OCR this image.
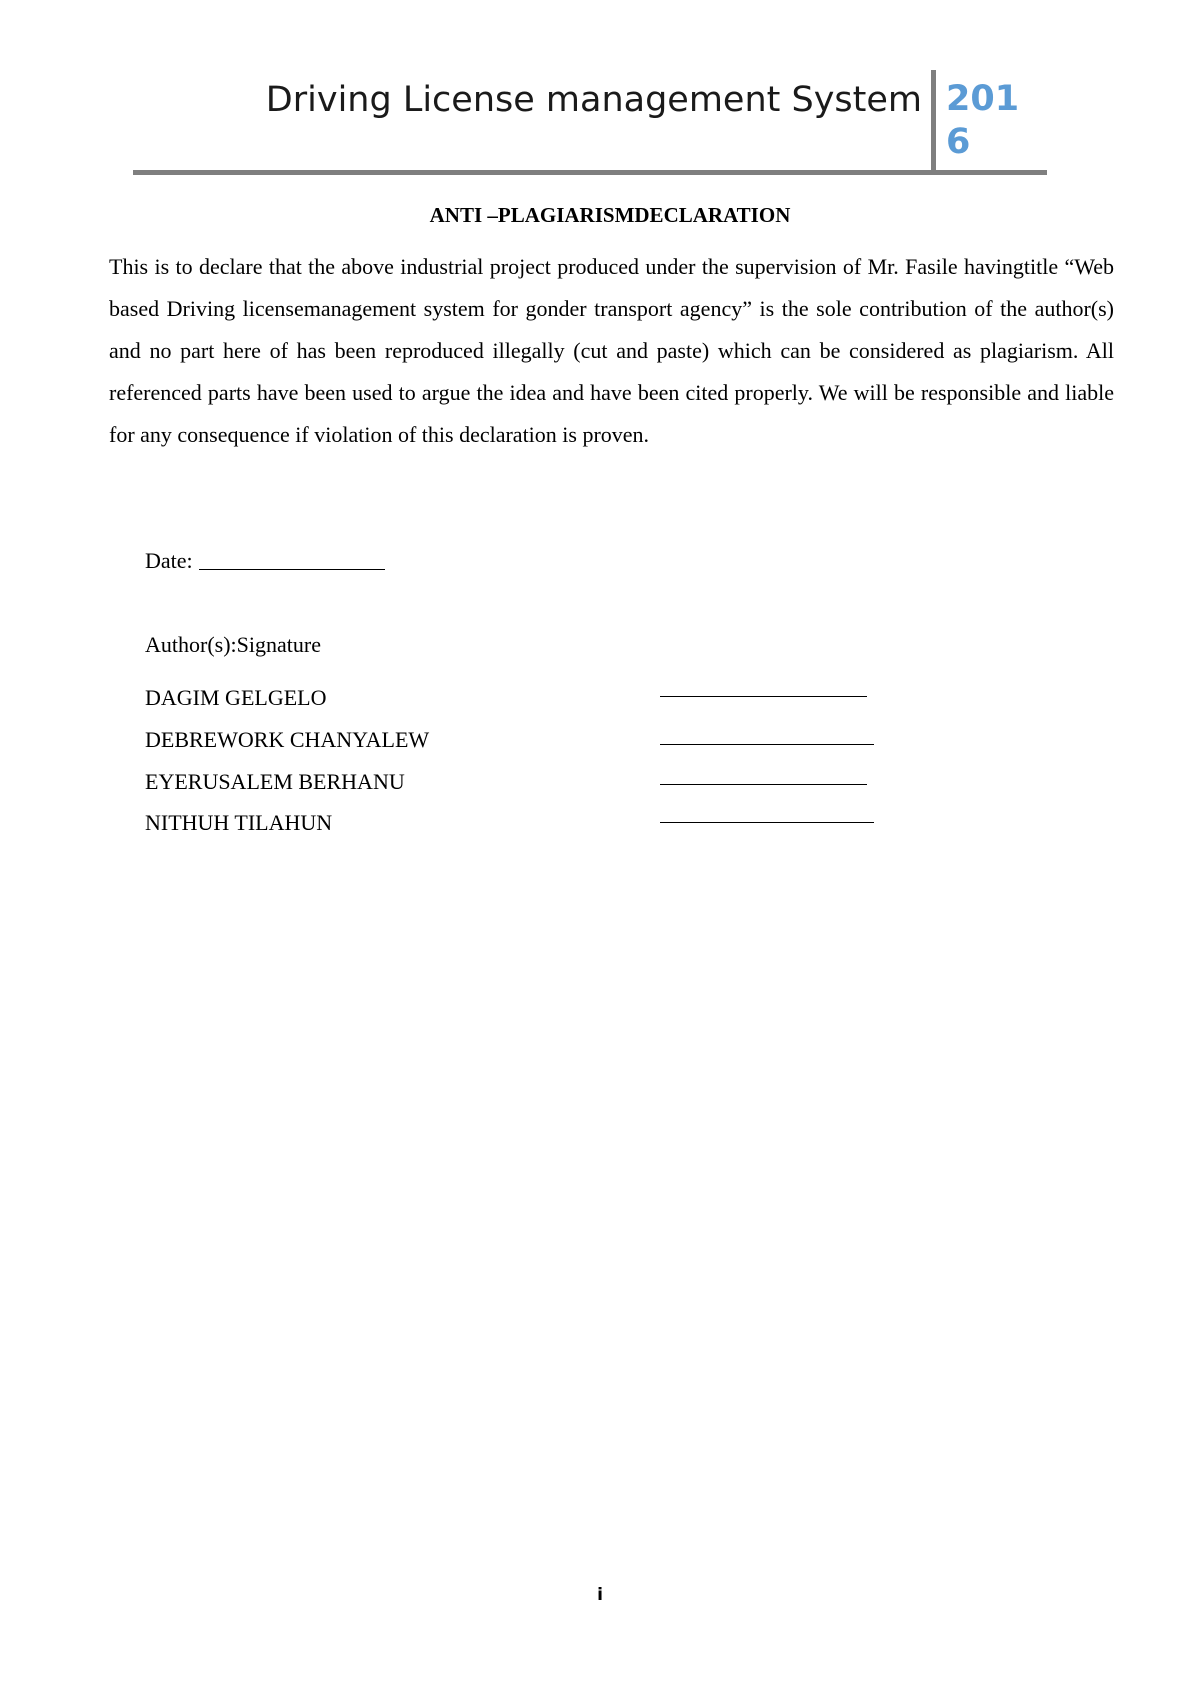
Driving License management System 2016
ANTI –PLAGIARISMDECLARATION

This is to declare that the above industrial project produced under the supervision of Mr. Fasile havingtitle “Web based Driving licensemanagement system for gonder transport agency” is the sole contribution of the author(s) and no part here of has been reproduced illegally (cut and paste) which can be considered as plagiarism. All referenced parts have been used to argue the idea and have been cited properly. We will be responsible and liable for any consequence if violation of this declaration is proven.

Date:
Author(s):Signature
DAGIM GELGELO
DEBREWORK CHANYALEW
EYERUSALEM BERHANU
NITHUH TILAHUN
i
